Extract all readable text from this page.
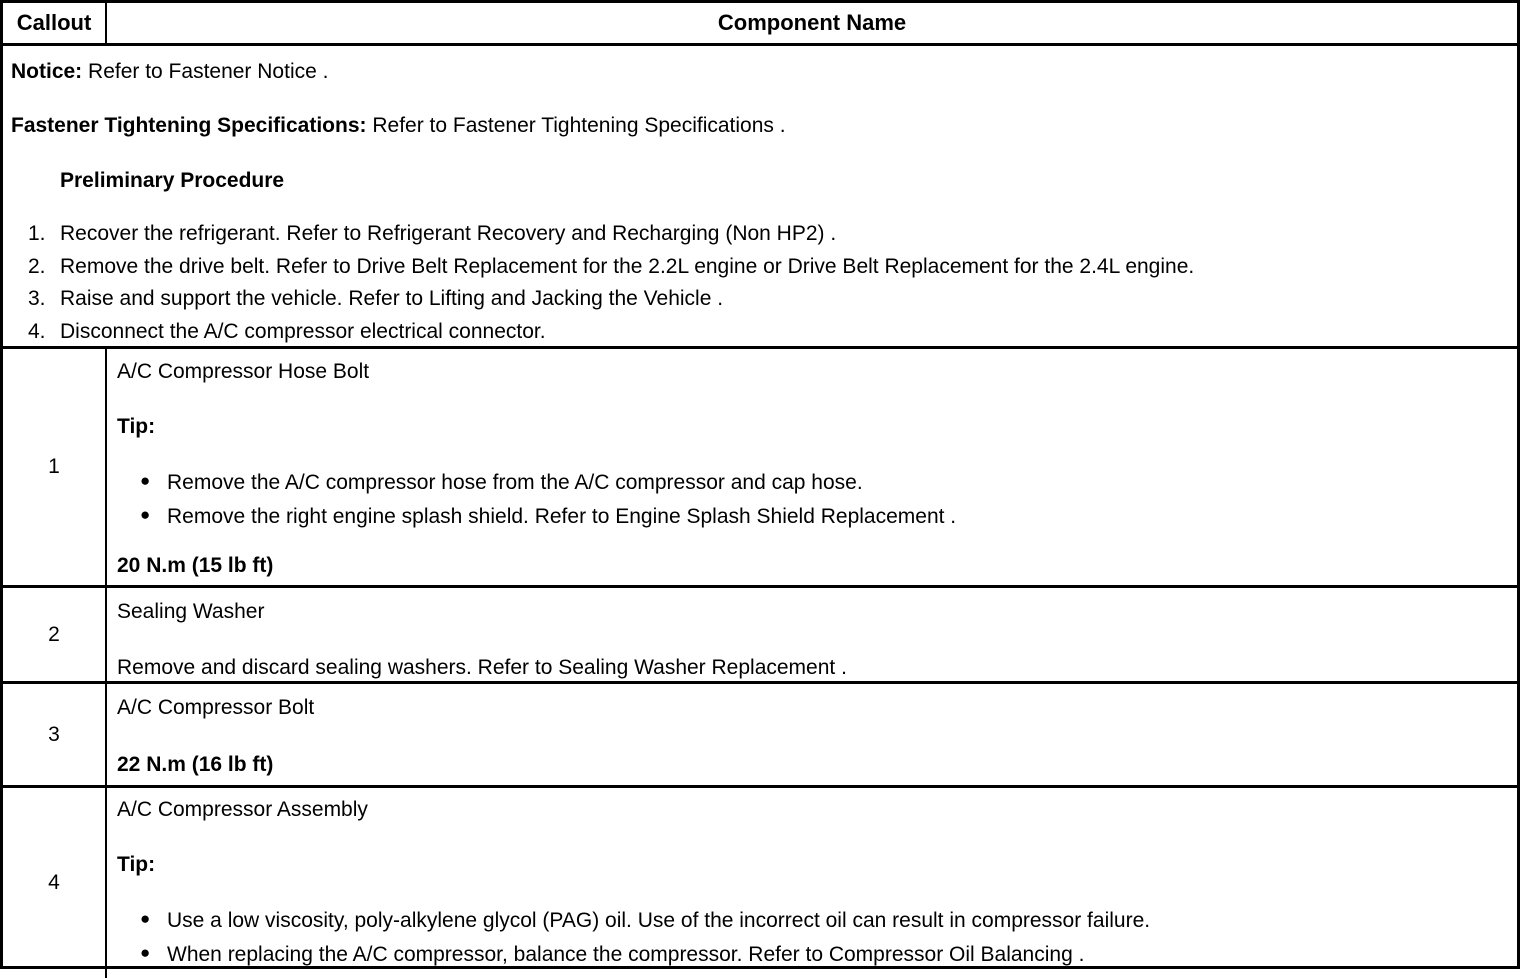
Callout	Component Name

Notice: Refer to Fastener Notice .

Fastener Tightening Specifications: Refer to Fastener Tightening Specifications .

Preliminary Procedure

1. Recover the refrigerant. Refer to Refrigerant Recovery and Recharging (Non HP2) .
2. Remove the drive belt. Refer to Drive Belt Replacement for the 2.2L engine or Drive Belt Replacement for the 2.4L engine.
3. Raise and support the vehicle. Refer to Lifting and Jacking the Vehicle .
4. Disconnect the A/C compressor electrical connector.
1

A/C Compressor Hose Bolt

Tip:

● Remove the A/C compressor hose from the A/C compressor and cap hose.
● Remove the right engine splash shield. Refer to Engine Splash Shield Replacement .

20 N.m (15 lb ft)

2

Sealing Washer

Remove and discard sealing washers. Refer to Sealing Washer Replacement .

3

A/C Compressor Bolt

22 N.m (16 lb ft)

4

A/C Compressor Assembly

Tip:

● Use a low viscosity, poly-alkylene glycol (PAG) oil. Use of the incorrect oil can result in compressor failure.
● When replacing the A/C compressor, balance the compressor. Refer to Compressor Oil Balancing .
